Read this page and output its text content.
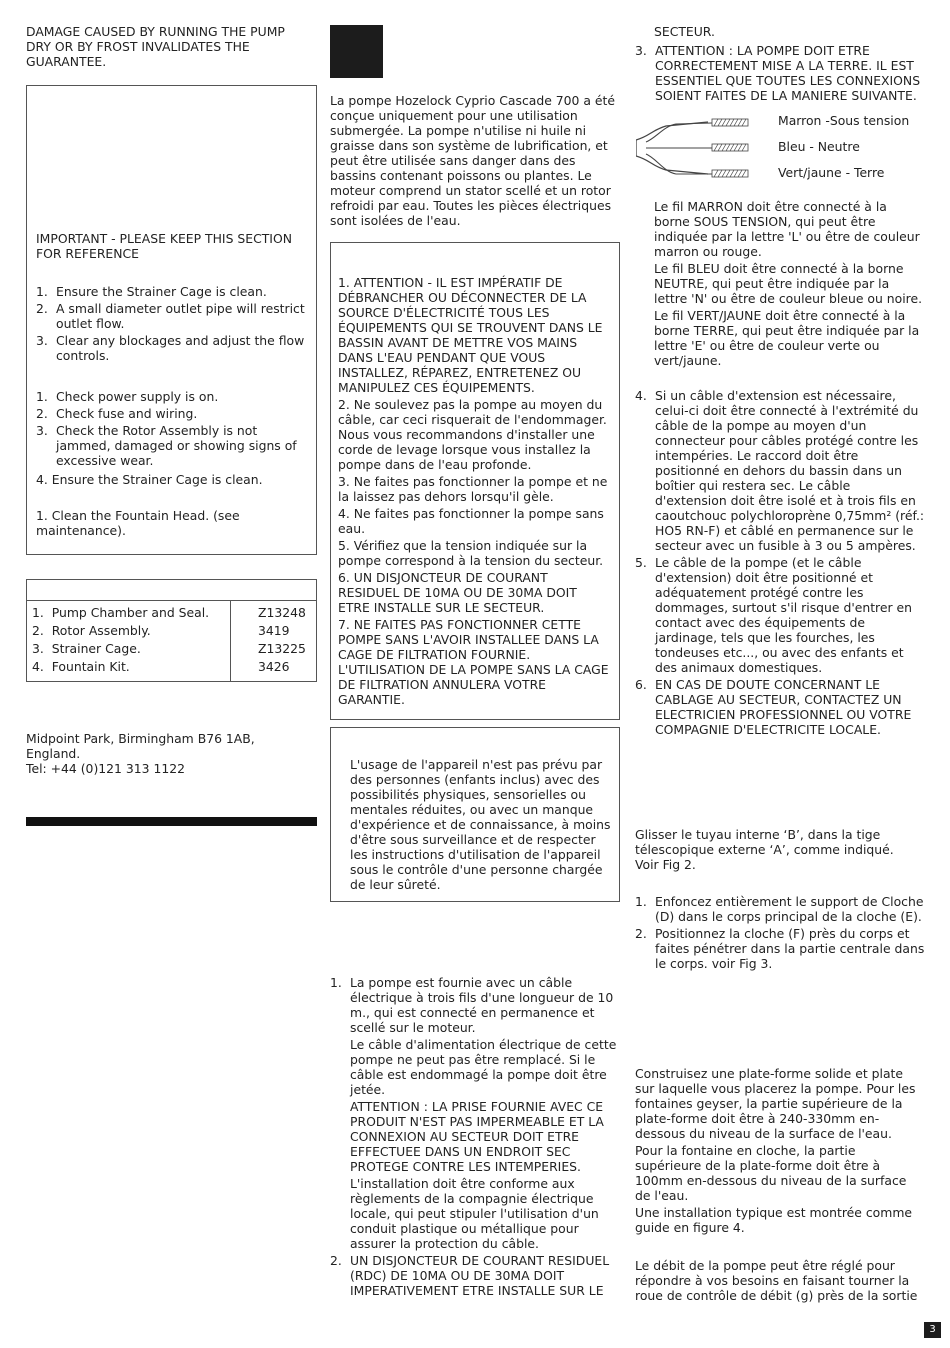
DAMAGE CAUSED BY RUNNING THE PUMP DRY OR BY FROST INVALIDATES THE GUARANTEE.

IMPORTANT - PLEASE KEEP THIS SECTION FOR REFERENCE

1. Ensure the Strainer Cage is clean.
2. A small diameter outlet pipe will restrict outlet flow.
3. Clear any blockages and adjust the flow controls.
1. Check power supply is on.
2. Check fuse and wiring.
3. Check the Rotor Assembly is not jammed, damaged or showing signs of excessive wear.

4. Ensure the Strainer Cage is clean.

1. Clean the Fountain Head. (see maintenance).

1. Pump Chamber and Seal.	Z13248
2. Rotor Assembly.	3419
3. Strainer Cage.	Z13225
4. Fountain Kit.	3426

Midpoint Park, Birmingham B76 1AB,

England.

Tel: +44 (0)121 313 1122

La pompe Hozelock Cyprio Cascade 700 a été conçue uniquement pour une utilisation submergée. La pompe n'utilise ni huile ni graisse dans son système de lubrification, et peut être utilisée sans danger dans des bassins contenant poissons ou plantes. Le moteur comprend un stator scellé et un rotor refroidi par eau. Toutes les pièces électriques sont isolées de l'eau.

1. ATTENTION - IL EST IMPÉRATIF DE DÉBRANCHER OU DÉCONNECTER DE LA SOURCE D'ÉLECTRICITÉ TOUS LES ÉQUIPEMENTS QUI SE TROUVENT DANS LE BASSIN AVANT DE METTRE VOS MAINS DANS L'EAU PENDANT QUE VOUS INSTALLEZ, RÉPAREZ, ENTRETENEZ OU MANIPULEZ CES ÉQUIPEMENTS.

2. Ne soulevez pas la pompe au moyen du câble, car ceci risquerait de l'endommager. Nous vous recommandons d'installer une corde de levage lorsque vous installez la pompe dans de l'eau profonde.

3. Ne faites pas fonctionner la pompe et ne la laissez pas dehors lorsqu'il gèle.

4. Ne faites pas fonctionner la pompe sans eau.

5. Vérifiez que la tension indiquée sur la pompe correspond à la tension du secteur.

6. UN DISJONCTEUR DE COURANT RESIDUEL DE 10MA OU DE 30MA DOIT ETRE INSTALLE SUR LE SECTEUR.

7. NE FAITES PAS FONCTIONNER CETTE POMPE SANS L'AVOIR INSTALLEE DANS LA CAGE DE FILTRATION FOURNIE. L'UTILISATION DE LA POMPE SANS LA CAGE DE FILTRATION ANNULERA VOTRE GARANTIE.

L'usage de l'appareil n'est pas prévu par des personnes (enfants inclus) avec des possibilités physiques, sensorielles ou mentales réduites, ou avec un manque d'expérience et de connaissance, à moins d'être sous surveillance et de respecter les instructions d'utilisation de l'appareil sous le contrôle d'une personne chargée de leur sûreté.

1. La pompe est fournie avec un câble électrique à trois fils d'une longueur de 10 m., qui est connecté en permanence et scellé sur le moteur.

Le câble d'alimentation électrique de cette pompe ne peut pas être remplacé. Si le câble est endommagé la pompe doit être jetée.

ATTENTION : LA PRISE FOURNIE AVEC CE PRODUIT N'EST PAS IMPERMEABLE ET LA CONNEXION AU SECTEUR DOIT ETRE EFFECTUEE DANS UN ENDROIT SEC PROTEGE CONTRE LES INTEMPERIES.

L'installation doit être conforme aux règlements de la compagnie électrique locale, qui peut stipuler l'utilisation d'un conduit plastique ou métallique pour assurer la protection du câble.

2. UN DISJONCTEUR DE COURANT RESIDUEL (RDC) DE 10MA OU DE 30MA DOIT IMPERATIVEMENT ETRE INSTALLE SUR LE

SECTEUR.

3. ATTENTION : LA POMPE DOIT ETRE CORRECTEMENT MISE A LA TERRE. IL EST ESSENTIEL QUE TOUTES LES CONNEXIONS SOIENT FAITES DE LA MANIERE SUIVANTE.
Marron -Sous tension
Bleu - Neutre
Vert/jaune - Terre

Le fil MARRON doit être connecté à la borne SOUS TENSION, qui peut être indiquée par la lettre 'L' ou être de couleur marron ou rouge.

Le fil BLEU doit être connecté à la borne NEUTRE, qui peut être indiquée par la lettre 'N' ou être de couleur bleue ou noire.

Le fil VERT/JAUNE doit être connecté à la borne TERRE, qui peut être indiquée par la lettre 'E' ou être de couleur verte ou vert/jaune.

4. Si un câble d'extension est nécessaire, celui-ci doit être connecté à l'extrémité du câble de la pompe au moyen d'un connecteur pour câbles protégé contre les intempéries. Le raccord doit être positionné en dehors du bassin dans un boîtier qui restera sec. Le câble d'extension doit être isolé et à trois fils en caoutchouc polychloroprène 0,75mm² (réf.: HO5 RN-F) et câblé en permanence sur le secteur avec un fusible à 3 ou 5 ampères.
5. Le câble de la pompe (et le câble d'extension) doit être positionné et adéquatement protégé contre les dommages, surtout s'il risque d'entrer en contact avec des équipements de jardinage, tels que les fourches, les tondeuses etc..., ou avec des enfants et des animaux domestiques.
6. EN CAS DE DOUTE CONCERNANT LE CABLAGE AU SECTEUR, CONTACTEZ UN ELECTRICIEN PROFESSIONNEL OU VOTRE COMPAGNIE D'ELECTRICITE LOCALE.

Glisser le tuyau interne ‘B’, dans la tige télescopique externe ‘A’, comme indiqué. Voir Fig 2.

1. Enfoncez entièrement le support de Cloche (D) dans le corps principal de la cloche (E).
2. Positionnez la cloche (F) près du corps et faites pénétrer dans la partie centrale dans le corps. voir Fig 3.

Construisez une plate-forme solide et plate sur laquelle vous placerez la pompe. Pour les fontaines geyser, la partie supérieure de la plate-forme doit être à 240-330mm en-dessous du niveau de la surface de l'eau.

Pour la fontaine en cloche, la partie supérieure de la plate-forme doit être à 100mm en-dessous du niveau de la surface de l'eau.

Une installation typique est montrée comme guide en figure 4.

Le débit de la pompe peut être réglé pour répondre à vos besoins en faisant tourner la roue de contrôle de débit (g) près de la sortie

3
